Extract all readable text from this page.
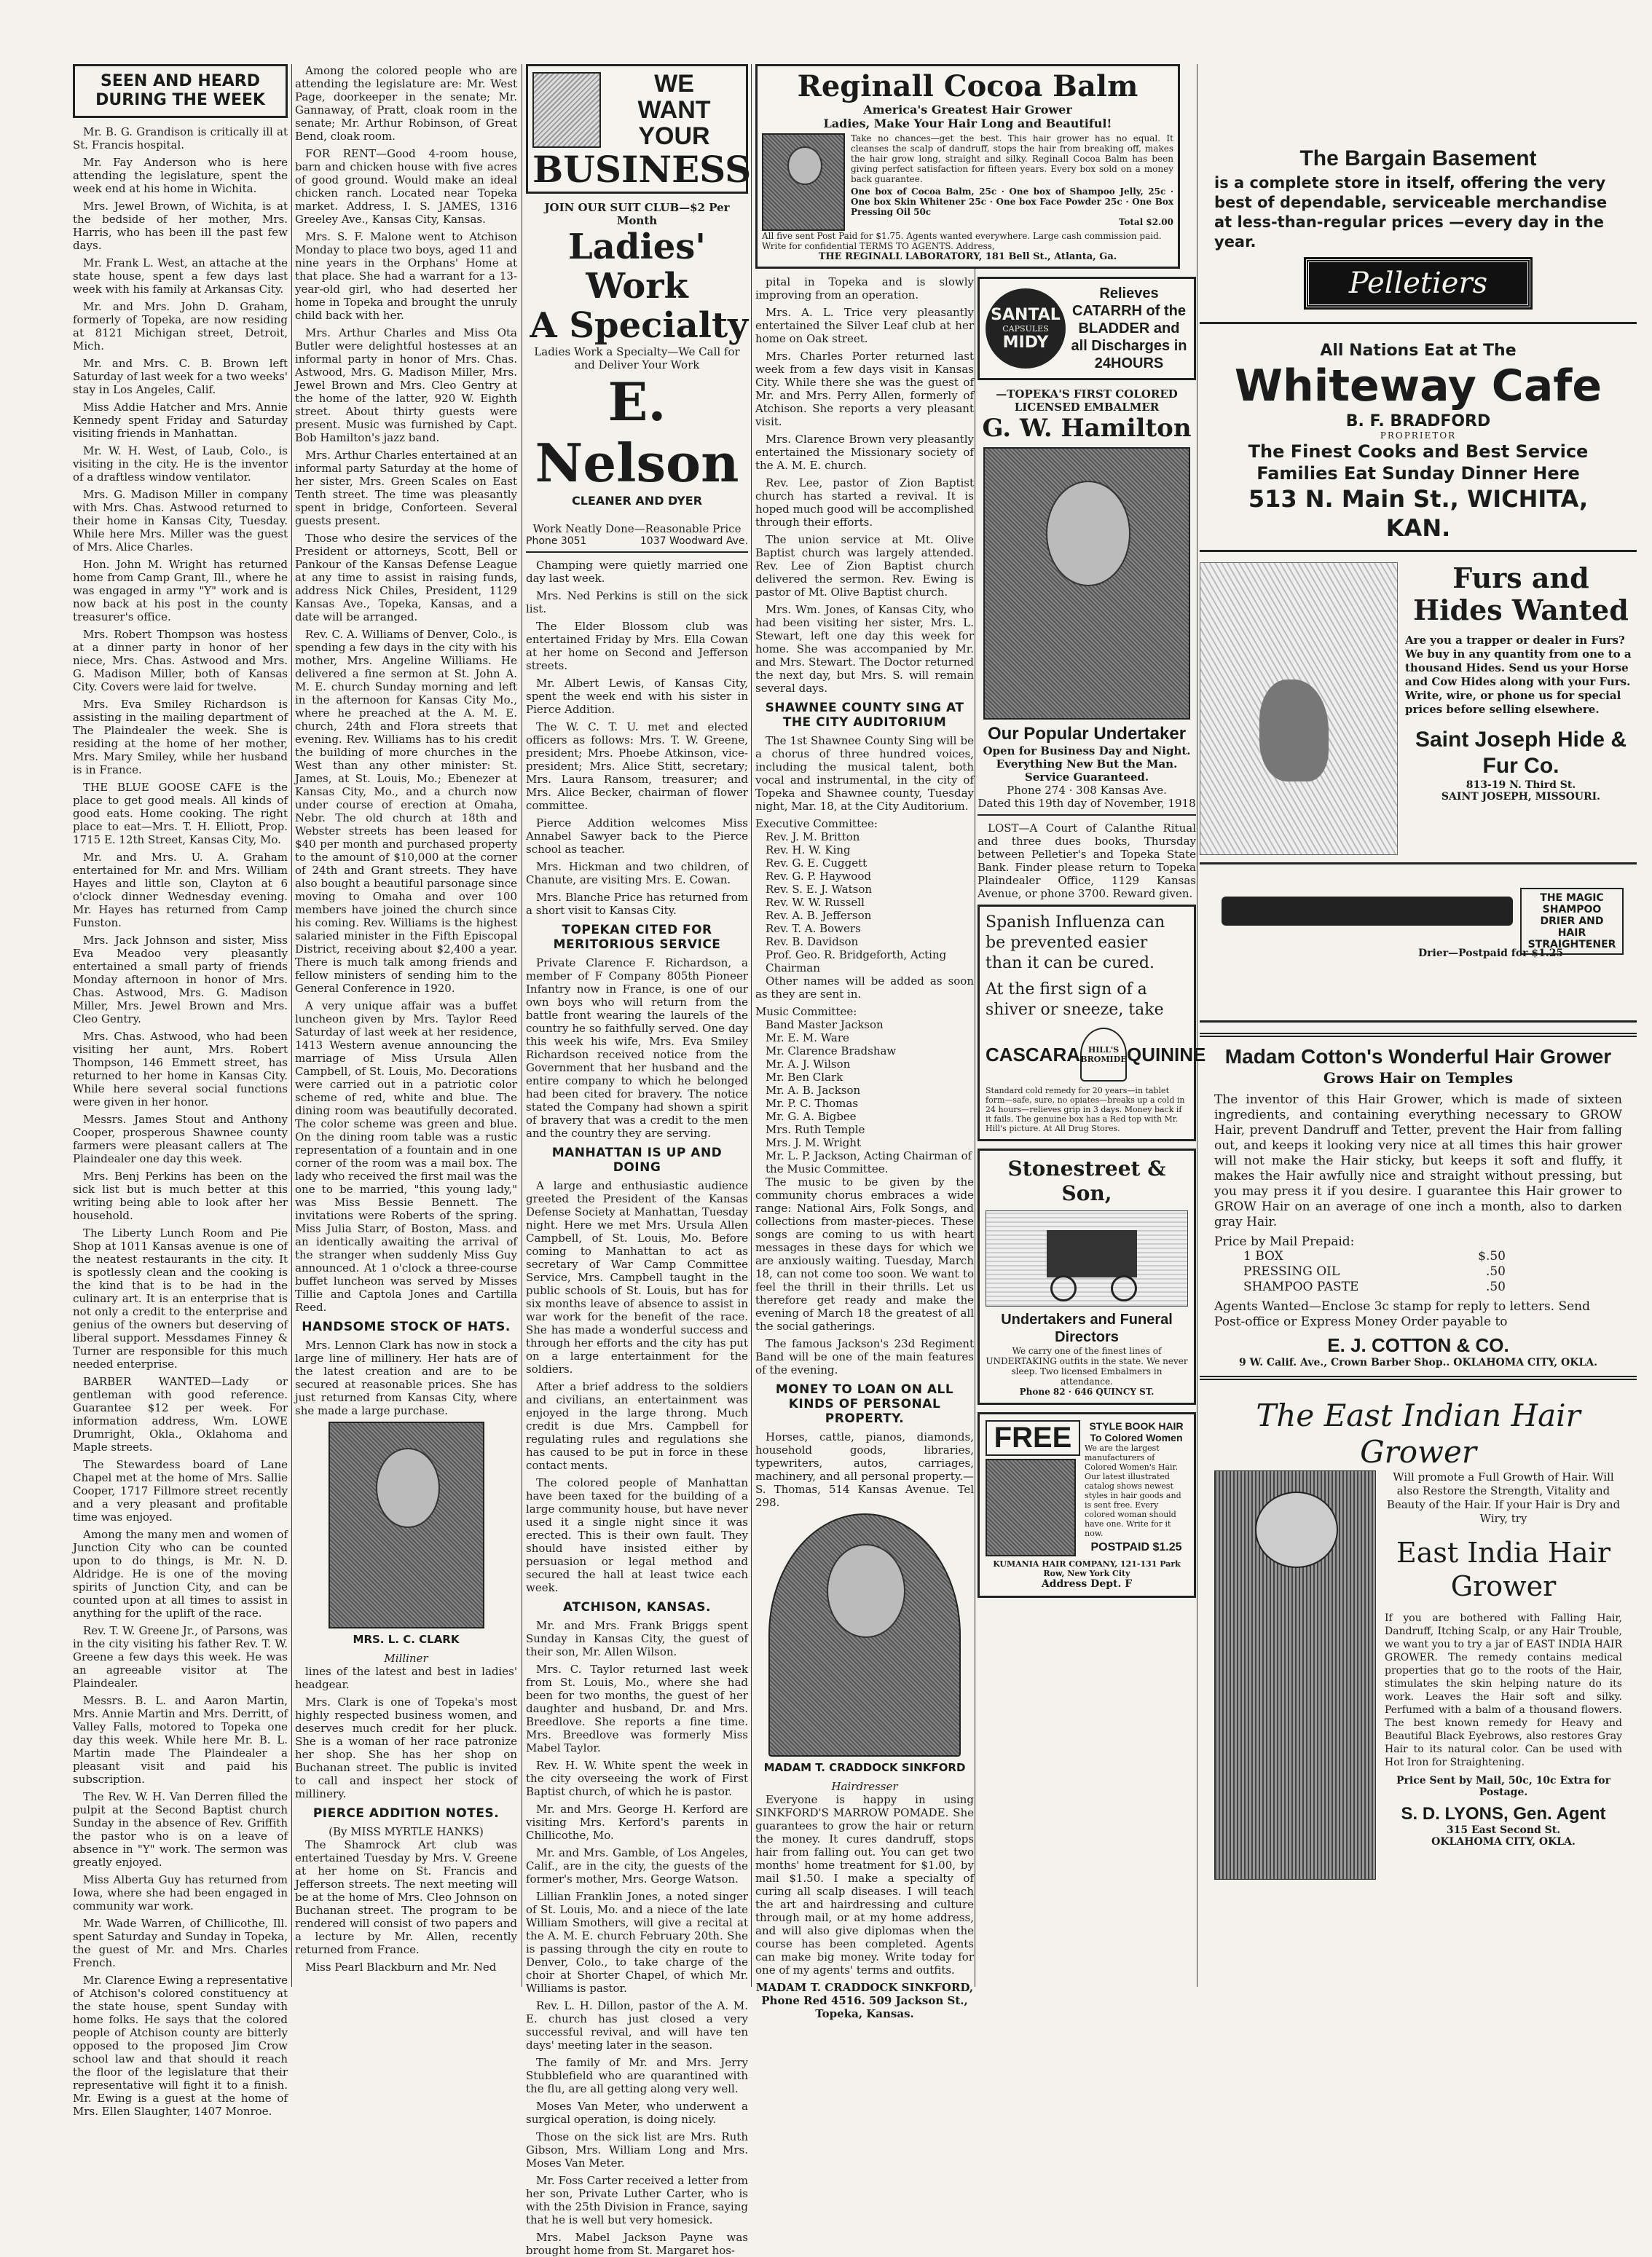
SEEN AND HEARD DURING THE WEEK

Mr. B. G. Grandison is critically ill at St. Francis hospital.

Mr. Fay Anderson who is here attending the legislature, spent the week end at his home in Wichita.

Mrs. Jewel Brown, of Wichita, is at the bedside of her mother, Mrs. Harris, who has been ill the past few days.

Mr. Frank L. West, an attache at the state house, spent a few days last week with his family at Arkansas City.

Mr. and Mrs. John D. Graham, formerly of Topeka, are now residing at 8121 Michigan street, Detroit, Mich.

Mr. and Mrs. C. B. Brown left Saturday of last week for a two weeks' stay in Los Angeles, Calif.

Miss Addie Hatcher and Mrs. Annie Kennedy spent Friday and Saturday visiting friends in Manhattan.

Mr. W. H. West, of Laub, Colo., is visiting in the city. He is the inventor of a draftless window ventilator.

Mrs. G. Madison Miller in company with Mrs. Chas. Astwood returned to their home in Kansas City, Tuesday. While here Mrs. Miller was the guest of Mrs. Alice Charles.

Hon. John M. Wright has returned home from Camp Grant, Ill., where he was engaged in army "Y" work and is now back at his post in the county treasurer's office.

Mrs. Robert Thompson was hostess at a dinner party in honor of her niece, Mrs. Chas. Astwood and Mrs. G. Madison Miller, both of Kansas City. Covers were laid for twelve.

Mrs. Eva Smiley Richardson is assisting in the mailing department of The Plaindealer the week. She is residing at the home of her mother, Mrs. Mary Smiley, while her husband is in France.

THE BLUE GOOSE CAFE is the place to get good meals. All kinds of good eats. Home cooking. The right place to eat—Mrs. T. H. Elliott, Prop. 1715 E. 12th Street, Kansas City, Mo.

Mr. and Mrs. U. A. Graham entertained for Mr. and Mrs. William Hayes and little son, Clayton at 6 o'clock dinner Wednesday evening. Mr. Hayes has returned from Camp Funston.

Mrs. Jack Johnson and sister, Miss Eva Meadoo very pleasantly entertained a small party of friends Monday afternoon in honor of Mrs. Chas. Astwood, Mrs. G. Madison Miller, Mrs. Jewel Brown and Mrs. Cleo Gentry.

Mrs. Chas. Astwood, who had been visiting her aunt, Mrs. Robert Thompson, 146 Emmett street, has returned to her home in Kansas City. While here several social functions were given in her honor.

Messrs. James Stout and Anthony Cooper, prosperous Shawnee county farmers were pleasant callers at The Plaindealer one day this week.

Mrs. Benj Perkins has been on the sick list but is much better at this writing being able to look after her household.

The Liberty Lunch Room and Pie Shop at 1011 Kansas avenue is one of the neatest restaurants in the city. It is spotlessly clean and the cooking is the kind that is to be had in the culinary art. It is an enterprise that is not only a credit to the enterprise and genius of the owners but deserving of liberal support. Messdames Finney & Turner are responsible for this much needed enterprise.

BARBER WANTED—Lady or gentleman with good reference. Guarantee $12 per week. For information address, Wm. LOWE Drumright, Okla., Oklahoma and Maple streets.

The Stewardess board of Lane Chapel met at the home of Mrs. Sallie Cooper, 1717 Fillmore street recently and a very pleasant and profitable time was enjoyed.

Among the many men and women of Junction City who can be counted upon to do things, is Mr. N. D. Aldridge. He is one of the moving spirits of Junction City, and can be counted upon at all times to assist in anything for the uplift of the race.

Rev. T. W. Greene Jr., of Parsons, was in the city visiting his father Rev. T. W. Greene a few days this week. He was an agreeable visitor at The Plaindealer.

Messrs. B. L. and Aaron Martin, Mrs. Annie Martin and Mrs. Derritt, of Valley Falls, motored to Topeka one day this week. While here Mr. B. L. Martin made The Plaindealer a pleasant visit and paid his subscription.

The Rev. W. H. Van Derren filled the pulpit at the Second Baptist church Sunday in the absence of Rev. Griffith the pastor who is on a leave of absence in "Y" work. The sermon was greatly enjoyed.

Miss Alberta Guy has returned from Iowa, where she had been engaged in community war work.

Mr. Wade Warren, of Chillicothe, Ill. spent Saturday and Sunday in Topeka, the guest of Mr. and Mrs. Charles French.

Mr. Clarence Ewing a representative of Atchison's colored constituency at the state house, spent Sunday with home folks. He says that the colored people of Atchison county are bitterly opposed to the proposed Jim Crow school law and that should it reach the floor of the legislature that their representative will fight it to a finish. Mr. Ewing is a guest at the home of Mrs. Ellen Slaughter, 1407 Monroe.

Among the colored people who are attending the legislature are: Mr. West Page, doorkeeper in the senate; Mr. Gannaway, of Pratt, cloak room in the senate; Mr. Arthur Robinson, of Great Bend, cloak room.

FOR RENT—Good 4-room house, barn and chicken house with five acres of good ground. Would make an ideal chicken ranch. Located near Topeka market. Address, I. S. JAMES, 1316 Greeley Ave., Kansas City, Kansas.

Mrs. S. F. Malone went to Atchison Monday to place two boys, aged 11 and nine years in the Orphans' Home at that place. She had a warrant for a 13-year-old girl, who had deserted her home in Topeka and brought the unruly child back with her.

Mrs. Arthur Charles and Miss Ota Butler were delightful hostesses at an informal party in honor of Mrs. Chas. Astwood, Mrs. G. Madison Miller, Mrs. Jewel Brown and Mrs. Cleo Gentry at the home of the latter, 920 W. Eighth street. About thirty guests were present. Music was furnished by Capt. Bob Hamilton's jazz band.

Mrs. Arthur Charles entertained at an informal party Saturday at the home of her sister, Mrs. Green Scales on East Tenth street. The time was pleasantly spent in bridge, Conforteen. Several guests present.

Those who desire the services of the President or attorneys, Scott, Bell or Pankour of the Kansas Defense League at any time to assist in raising funds, address Nick Chiles, President, 1129 Kansas Ave., Topeka, Kansas, and a date will be arranged.

Rev. C. A. Williams of Denver, Colo., is spending a few days in the city with his mother, Mrs. Angeline Williams. He delivered a fine sermon at St. John A. M. E. church Sunday morning and left in the afternoon for Kansas City Mo., where he preached at the A. M. E. church, 24th and Flora streets that evening. Rev. Williams has to his credit the building of more churches in the West than any other minister: St. James, at St. Louis, Mo.; Ebenezer at Kansas City, Mo., and a church now under course of erection at Omaha, Nebr. The old church at 18th and Webster streets has been leased for $40 per month and purchased property to the amount of $10,000 at the corner of 24th and Grant streets. They have also bought a beautiful parsonage since moving to Omaha and over 100 members have joined the church since his coming. Rev. Williams is the highest salaried minister in the Fifth Episcopal District, receiving about $2,400 a year. There is much talk among friends and fellow ministers of sending him to the General Conference in 1920.

A very unique affair was a buffet luncheon given by Mrs. Taylor Reed Saturday of last week at her residence, 1413 Western avenue announcing the marriage of Miss Ursula Allen Campbell, of St. Louis, Mo. Decorations were carried out in a patriotic color scheme of red, white and blue. The dining room was beautifully decorated. The color scheme was green and blue. On the dining room table was a rustic representation of a fountain and in one corner of the room was a mail box. The lady who received the first mail was the one to be married, "this young lady," was Miss Bessie Bennett. The invitations were Roberts of the spring. Miss Julia Starr, of Boston, Mass. and an identically awaiting the arrival of the stranger when suddenly Miss Guy announced. At 1 o'clock a three-course buffet luncheon was served by Misses Tillie and Captola Jones and Cartilla Reed.

HANDSOME STOCK OF HATS.

Mrs. Lennon Clark has now in stock a large line of millinery. Her hats are of the latest creation and are to be secured at reasonable prices. She has just returned from Kansas City, where she made a large purchase.

MRS. L. C. CLARK
Milliner

lines of the latest and best in ladies' headgear.

Mrs. Clark is one of Topeka's most highly respected business women, and deserves much credit for her pluck. She is a woman of her race patronize her shop. She has her shop on Buchanan street. The public is invited to call and inspect her stock of millinery.

PIERCE ADDITION NOTES.
(By MISS MYRTLE HANKS)

The Shamrock Art club was entertained Tuesday by Mrs. V. Greene at her home on St. Francis and Jefferson streets. The next meeting will be at the home of Mrs. Cleo Johnson on Buchanan street. The program to be rendered will consist of two papers and a lecture by Mr. Allen, recently returned from France.

Miss Pearl Blackburn and Mr. Ned

WE
WANT
YOUR
BUSINESS
JOIN OUR SUIT CLUB—$2 Per Month
Ladies' Work
A Specialty
Ladies Work a Specialty—We Call for and Deliver Your Work
E. Nelson
CLEANER AND DYER
Work Neatly Done—Reasonable Price
Phone 3051	1037 Woodward Ave.

Champing were quietly married one day last week.

Mrs. Ned Perkins is still on the sick list.

The Elder Blossom club was entertained Friday by Mrs. Ella Cowan at her home on Second and Jefferson streets.

Mr. Albert Lewis, of Kansas City, spent the week end with his sister in Pierce Addition.

The W. C. T. U. met and elected officers as follows: Mrs. T. W. Greene, president; Mrs. Phoebe Atkinson, vice-president; Mrs. Alice Stitt, secretary; Mrs. Laura Ransom, treasurer; and Mrs. Alice Becker, chairman of flower committee.

Pierce Addition welcomes Miss Annabel Sawyer back to the Pierce school as teacher.

Mrs. Hickman and two children, of Chanute, are visiting Mrs. E. Cowan.

Mrs. Blanche Price has returned from a short visit to Kansas City.

TOPEKAN CITED FOR MERITORIOUS SERVICE

Private Clarence F. Richardson, a member of F Company 805th Pioneer Infantry now in France, is one of our own boys who will return from the battle front wearing the laurels of the country he so faithfully served. One day this week his wife, Mrs. Eva Smiley Richardson received notice from the Government that her husband and the entire company to which he belonged had been cited for bravery. The notice stated the Company had shown a spirit of bravery that was a credit to the men and the country they are serving.

MANHATTAN IS UP AND DOING

A large and enthusiastic audience greeted the President of the Kansas Defense Society at Manhattan, Tuesday night. Here we met Mrs. Ursula Allen Campbell, of St. Louis, Mo. Before coming to Manhattan to act as secretary of War Camp Committee Service, Mrs. Campbell taught in the public schools of St. Louis, but has for six months leave of absence to assist in war work for the benefit of the race. She has made a wonderful success and through her efforts and the city has put on a large entertainment for the soldiers.

After a brief address to the soldiers and civilians, an entertainment was enjoyed in the large throng. Much credit is due Mrs. Campbell for regulating rules and regulations she has caused to be put in force in these contact ments.

The colored people of Manhattan have been taxed for the building of a large community house, but have never used it a single night since it was erected. This is their own fault. They should have insisted either by persuasion or legal method and secured the hall at least twice each week.

ATCHISON, KANSAS.

Mr. and Mrs. Frank Briggs spent Sunday in Kansas City, the guest of their son, Mr. Allen Wilson.

Mrs. C. Taylor returned last week from St. Louis, Mo., where she had been for two months, the guest of her daughter and husband, Dr. and Mrs. Breedlove. She reports a fine time. Mrs. Breedlove was formerly Miss Mabel Taylor.

Rev. H. W. White spent the week in the city overseeing the work of First Baptist church, of which he is pastor.

Mr. and Mrs. George H. Kerford are visiting Mrs. Kerford's parents in Chillicothe, Mo.

Mr. and Mrs. Gamble, of Los Angeles, Calif., are in the city, the guests of the former's mother, Mrs. George Watson.

Lillian Franklin Jones, a noted singer of St. Louis, Mo. and a niece of the late William Smothers, will give a recital at the A. M. E. church February 20th. She is passing through the city en route to Denver, Colo., to take charge of the choir at Shorter Chapel, of which Mr. Williams is pastor.

Rev. L. H. Dillon, pastor of the A. M. E. church has just closed a very successful revival, and will have ten days' meeting later in the season.

The family of Mr. and Mrs. Jerry Stubblefield who are quarantined with the flu, are all getting along very well.

Moses Van Meter, who underwent a surgical operation, is doing nicely.

Those on the sick list are Mrs. Ruth Gibson, Mrs. William Long and Mrs. Moses Van Meter.

Mr. Foss Carter received a letter from her son, Private Luther Carter, who is with the 25th Division in France, saying that he is well but very homesick.

Mrs. Mabel Jackson Payne was brought home from St. Margaret hos-

Reginall Cocoa Balm
America's Greatest Hair Grower
Ladies, Make Your Hair Long and Beautiful!
Take no chances—get the best. This hair grower has no equal. It cleanses the scalp of dandruff, stops the hair from breaking off, makes the hair grow long, straight and silky. Reginall Cocoa Balm has been giving perfect satisfaction for fifteen years. Every box sold on a money back guarantee.
One box of Cocoa Balm, 25c · One box of Shampoo Jelly, 25c · One box Skin Whitener 25c · One box Face Powder 25c · One Box Pressing Oil 50c
Total $2.00
All five sent Post Paid for $1.75. Agents wanted everywhere. Large cash commission paid. Write for confidential TERMS TO AGENTS. Address,
THE REGINALL LABORATORY, 181 Bell St., Atlanta, Ga.

pital in Topeka and is slowly improving from an operation.

Mrs. A. L. Trice very pleasantly entertained the Silver Leaf club at her home on Oak street.

Mrs. Charles Porter returned last week from a few days visit in Kansas City. While there she was the guest of Mr. and Mrs. Perry Allen, formerly of Atchison. She reports a very pleasant visit.

Mrs. Clarence Brown very pleasantly entertained the Missionary society of the A. M. E. church.

Rev. Lee, pastor of Zion Baptist church has started a revival. It is hoped much good will be accomplished through their efforts.

The union service at Mt. Olive Baptist church was largely attended. Rev. Lee of Zion Baptist church delivered the sermon. Rev. Ewing is pastor of Mt. Olive Baptist church.

Mrs. Wm. Jones, of Kansas City, who had been visiting her sister, Mrs. L. Stewart, left one day this week for home. She was accompanied by Mr. and Mrs. Stewart. The Doctor returned the next day, but Mrs. S. will remain several days.

SHAWNEE COUNTY SING AT THE CITY AUDITORIUM

The 1st Shawnee County Sing will be a chorus of three hundred voices, including the musical talent, both vocal and instrumental, in the city of Topeka and Shawnee county, Tuesday night, Mar. 18, at the City Auditorium.

Executive Committee:
Rev. J. M. Britton
Rev. H. W. King
Rev. G. E. Cuggett
Rev. G. P. Haywood
Rev. S. E. J. Watson
Rev. W. W. Russell
Rev. A. B. Jefferson
Rev. T. A. Bowers
Rev. B. Davidson
Prof. Geo. R. Bridgeforth, Acting Chairman

Other names will be added as soon as they are sent in.

Music Committee:
Band Master Jackson
Mr. E. M. Ware
Mr. Clarence Bradshaw
Mr. A. J. Wilson
Mr. Ben Clark
Mr. A. B. Jackson
Mr. P. C. Thomas
Mr. G. A. Bigbee
Mrs. Ruth Temple
Mrs. J. M. Wright
Mr. L. P. Jackson, Acting Chairman of the Music Committee.

The music to be given by the community chorus embraces a wide range: National Airs, Folk Songs, and collections from master-pieces. These songs are coming to us with heart messages in these days for which we are anxiously waiting. Tuesday, March 18, can not come too soon. We want to feel the thrill in their thrills. Let us therefore get ready and make the evening of March 18 the greatest of all the social gatherings.

The famous Jackson's 23d Regiment Band will be one of the main features of the evening.

MONEY TO LOAN ON ALL KINDS OF PERSONAL PROPERTY.

Horses, cattle, pianos, diamonds, household goods, libraries, typewriters, autos, carriages, machinery, and all personal property.—S. Thomas, 514 Kansas Avenue. Tel 298.

MADAM T. CRADDOCK SINKFORD
Hairdresser

Everyone is happy in using SINKFORD'S MARROW POMADE. She guarantees to grow the hair or return the money. It cures dandruff, stops hair from falling out. You can get two months' home treatment for $1.00, by mail $1.50. I make a specialty of curing all scalp diseases. I will teach the art and hairdressing and culture through mail, or at my home address, and will also give diplomas when the course has been completed. Agents can make big money. Write today for one of my agents' terms and outfits.

MADAM T. CRADDOCK SINKFORD, Phone Red 4516. 509 Jackson St., Topeka, Kansas.

SANTAL
CAPSULES
MIDY
Relieves CATARRH of the BLADDER and all Discharges in 24HOURS
—TOPEKA'S FIRST COLORED LICENSED EMBALMER
G. W. Hamilton
Our Popular Undertaker
Open for Business Day and Night. Everything New But the Man. Service Guaranteed.
Phone 274 · 308 Kansas Ave.
Dated this 19th day of November, 1918

LOST—A Court of Calanthe Ritual and three dues books, Thursday between Pelletier's and Topeka State Bank. Finder please return to Topeka Plaindealer Office, 1129 Kansas Avenue, or phone 3700. Reward given.

Spanish Influenza can be prevented easier than it can be cured.
At the first sign of a shiver or sneeze, take
CASCARA HILL'S
BROMIDE QUININE
Standard cold remedy for 20 years—in tablet form—safe, sure, no opiates—breaks up a cold in 24 hours—relieves grip in 3 days. Money back if it fails. The genuine box has a Red top with Mr. Hill's picture. At All Drug Stores.
Stonestreet & Son,
Undertakers and Funeral Directors
We carry one of the finest lines of UNDERTAKING outfits in the state. We never sleep. Two licensed Embalmers in attendance.
Phone 82 · 646 QUINCY ST.
FREE	STYLE BOOK HAIR To Colored Women
We are the largest manufacturers of Colored Women's Hair. Our latest illustrated catalog shows newest styles in hair goods and is sent free. Every colored woman should have one. Write for it now.
POSTPAID $1.25
KUMANIA HAIR COMPANY, 121-131 Park Row, New York City
Address Dept. F
The Bargain Basement
is a complete store in itself, offering the very best of dependable, serviceable merchandise at less-than-regular prices —every day in the year.
Pelletiers
All Nations Eat at The
Whiteway Cafe
B. F. BRADFORD
PROPRIETOR
The Finest Cooks and Best Service
Families Eat Sunday Dinner Here
513 N. Main St., WICHITA, KAN.
Furs and Hides Wanted
Are you a trapper or dealer in Furs? We buy in any quantity from one to a thousand Hides. Send us your Horse and Cow Hides along with your Furs. Write, wire, or phone us for special prices before selling elsewhere.
Saint Joseph Hide & Fur Co.
813-19 N. Third St.
SAINT JOSEPH, MISSOURI.
THE MAGIC SHAMPOO DRIER AND HAIR STRAIGHTENER
Drier—Postpaid for $1.25
Madam Cotton's Wonderful Hair Grower
Grows Hair on Temples
The inventor of this Hair Grower, which is made of sixteen ingredients, and containing everything necessary to GROW Hair, prevent Dandruff and Tetter, prevent the Hair from falling out, and keeps it looking very nice at all times this hair grower will not make the Hair sticky, but keeps it soft and fluffy, it makes the Hair awfully nice and straight without pressing, but you may press it if you desire. I guarantee this Hair grower to GROW Hair on an average of one inch a month, also to darken gray Hair.
Price by Mail Prepaid:
1 BOX	$.50
PRESSING OIL	.50
SHAMPOO PASTE	.50
Agents Wanted—Enclose 3c stamp for reply to letters. Send Post-office or Express Money Order payable to
E. J. COTTON & CO.
9 W. Calif. Ave., Crown Barber Shop.. OKLAHOMA CITY, OKLA.
The East Indian Hair Grower
Will promote a Full Growth of Hair. Will also Restore the Strength, Vitality and Beauty of the Hair. If your Hair is Dry and Wiry, try
East India Hair
Grower
If you are bothered with Falling Hair, Dandruff, Itching Scalp, or any Hair Trouble, we want you to try a jar of EAST INDIA HAIR GROWER. The remedy contains medical properties that go to the roots of the Hair, stimulates the skin helping nature do its work. Leaves the Hair soft and silky. Perfumed with a balm of a thousand flowers. The best known remedy for Heavy and Beautiful Black Eyebrows, also restores Gray Hair to its natural color. Can be used with Hot Iron for Straightening.
Price Sent by Mail, 50c, 10c Extra for Postage.
S. D. LYONS, Gen. Agent
315 East Second St.
OKLAHOMA CITY, OKLA.
